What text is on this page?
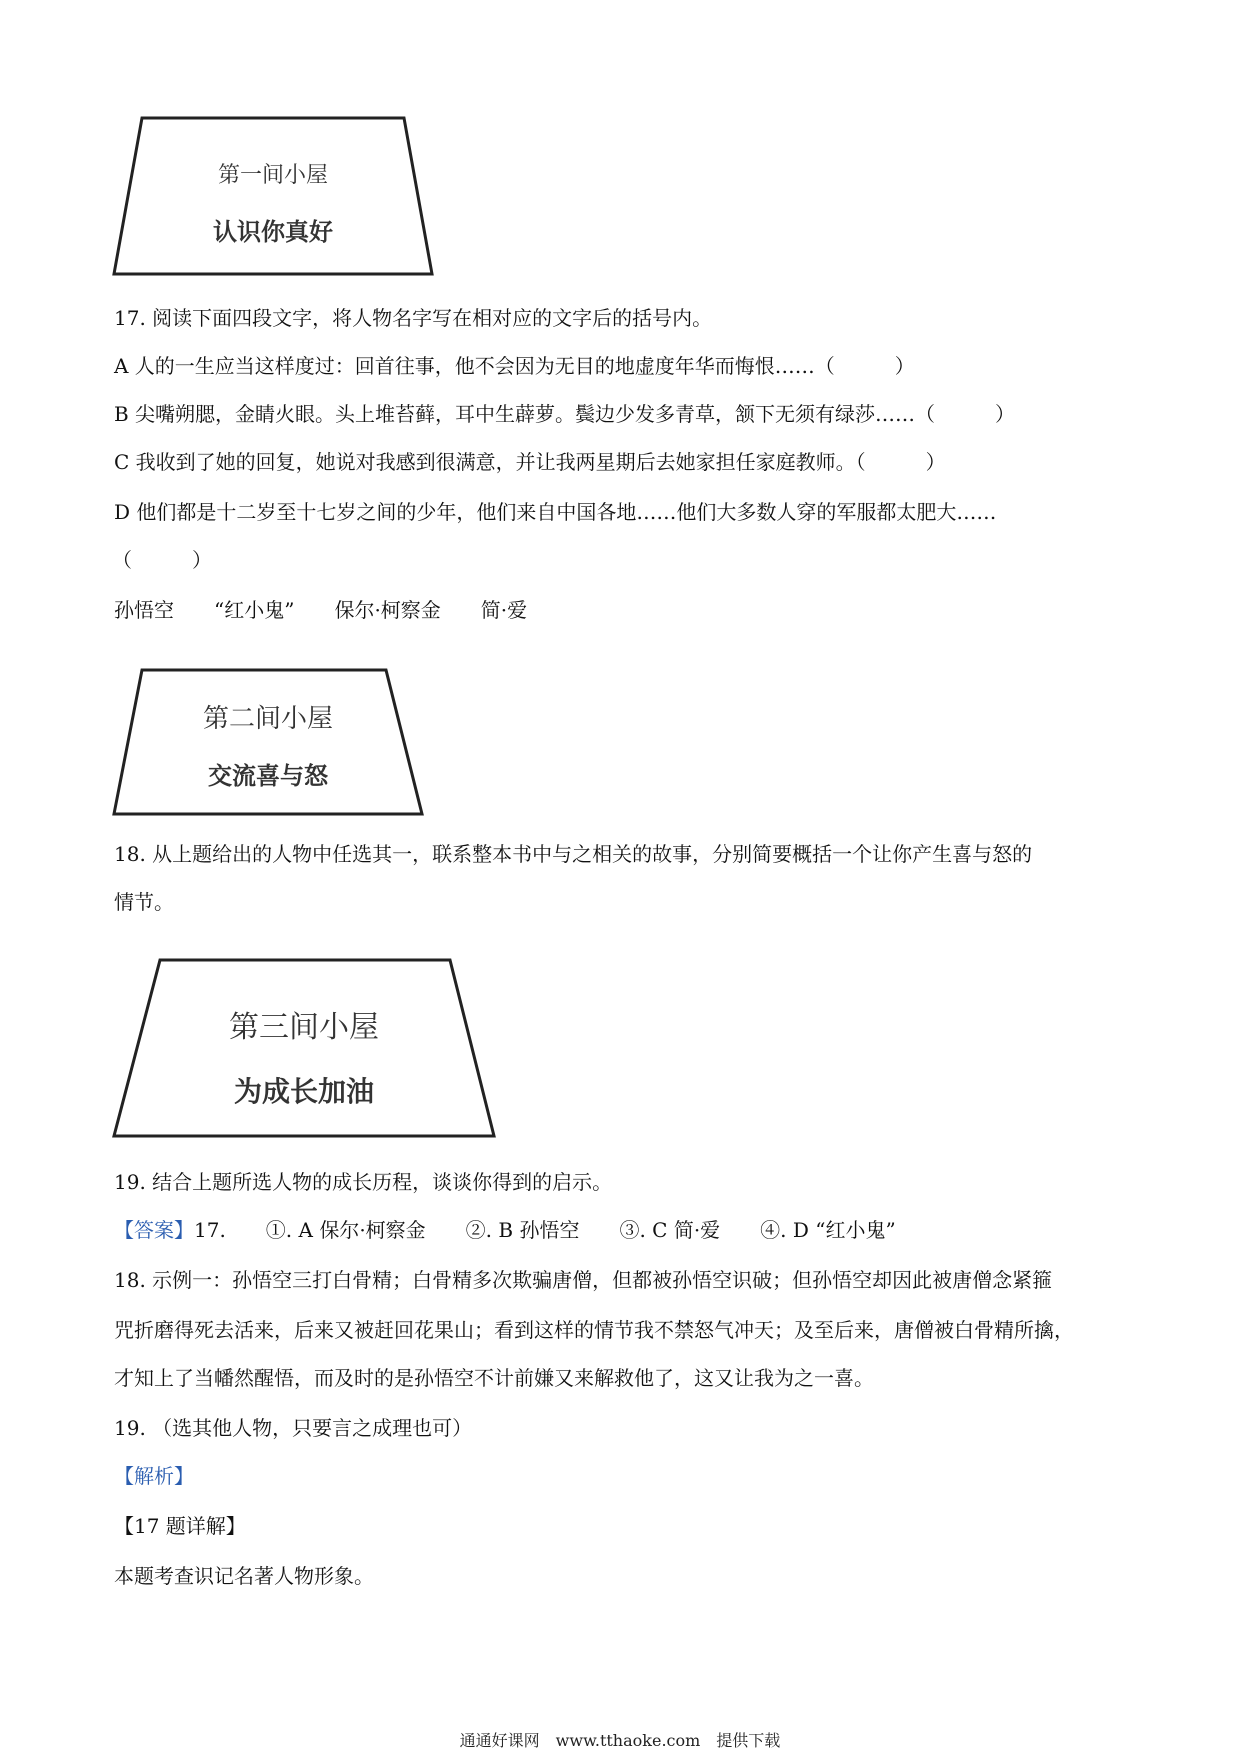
第一间小屋
认识你真好
17. 阅读下面四段文字，将人物名字写在相对应的文字后的括号内。
A 人的一生应当这样度过：回首往事，他不会因为无目的地虚度年华而悔恨……（　　　）
B 尖嘴朔腮，金睛火眼。头上堆苔藓，耳中生薜萝。鬓边少发多青草，颔下无须有绿莎……（　　　）
C 我收到了她的回复，她说对我感到很满意，并让我两星期后去她家担任家庭教师。（　　　）
D 他们都是十二岁至十七岁之间的少年，他们来自中国各地……他们大多数人穿的军服都太肥大……
（　　　）
孙悟空　　“红小鬼”　　保尔·柯察金　　简·爱
第二间小屋
交流喜与怒
18. 从上题给出的人物中任选其一，联系整本书中与之相关的故事，分别简要概括一个让你产生喜与怒的
情节。
第三间小屋
为成长加油
19. 结合上题所选人物的成长历程，谈谈你得到的启示。
【答案】17.　　①. A 保尔·柯察金　　②. B 孙悟空　　③. C 简·爱　　④. D “红小鬼”
18. 示例一：孙悟空三打白骨精；白骨精多次欺骗唐僧，但都被孙悟空识破；但孙悟空却因此被唐僧念紧箍
咒折磨得死去活来，后来又被赶回花果山；看到这样的情节我不禁怒气冲天；及至后来，唐僧被白骨精所擒，
才知上了当幡然醒悟，而及时的是孙悟空不计前嫌又来解救他了，这又让我为之一喜。
19. （选其他人物，只要言之成理也可）
【解析】
【17 题详解】
本题考查识记名著人物形象。
通通好课网　www.tthaoke.com　提供下载
